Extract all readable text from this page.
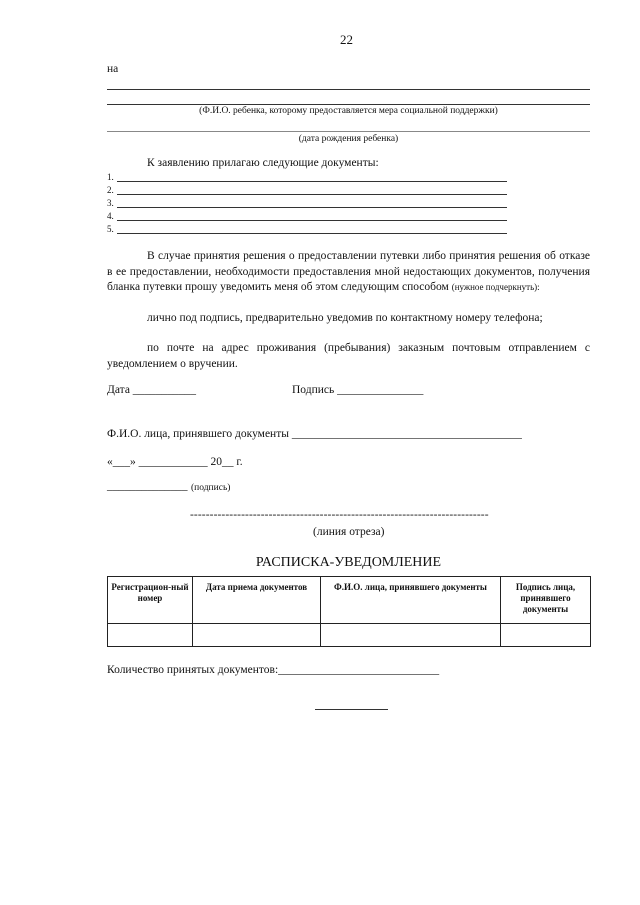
22
на
(Ф.И.О. ребенка, которому предоставляется мера социальной поддержки)
(дата рождения ребенка)
К заявлению прилагаю следующие документы:
1.
2.
3.
4.
5.
В случае принятия решения о предоставлении путевки либо принятия решения об отказе в ее предоставлении, необходимости предоставления мной недостающих документов, получения бланка путевки прошу уведомить меня об этом следующим способом (нужное подчеркнуть):
лично под подпись, предварительно уведомив по контактному номеру телефона;
по почте на адрес проживания (пребывания) заказным почтовым отправлением с уведомлением о вручении.
Дата ___________	Подпись _______________
Ф.И.О. лица, принявшего документы ________________________________________
«___» ____________ 20__ г.
______________ (подпись)
----------------------------------------------------------------------------
(линия отреза)
РАСПИСКА-УВЕДОМЛЕНИЕ
Регистрацион-ный номер	Дата приема документов	Ф.И.О. лица, принявшего документы	Подпись лица, принявшего документы

Количество принятых документов:____________________________
